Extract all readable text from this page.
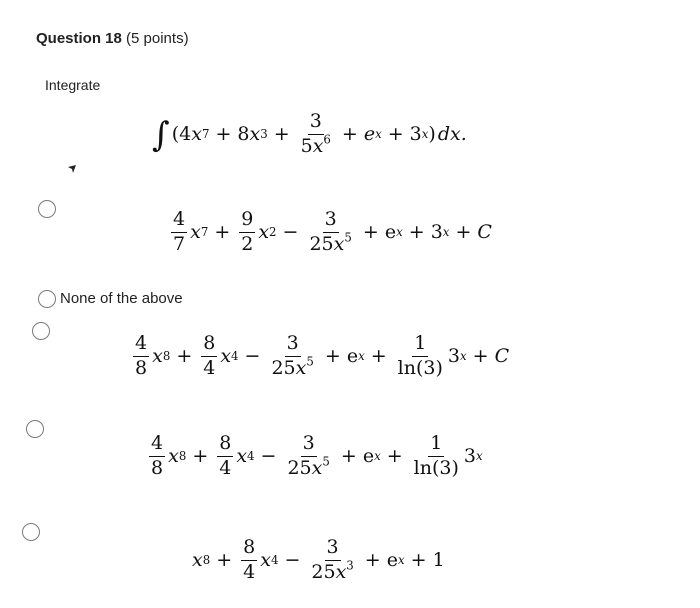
Question 18 (5 points)
Integrate
∫ (4 x 7 + 8 x $3 + \frac{3}{5x^6} + e$ x + 3 x ) dx.
$\frac{4}{7}$ x $7 + \frac{9}{2}$ x $2 - \frac{3}{25x^5} + e$ x + 3 x + C
None of the above
$\frac{4}{8}$ x $8 + \frac{8}{4}$ x $4 - \frac{3}{25x^5} + e$ $x + \frac{1}{\ln(3)} 3$ x + C
$\frac{4}{8}$ x $8 + \frac{8}{4}$ x $4 - \frac{3}{25x^5} + e$ $x + \frac{1}{\ln(3)} 3$ x
x $8 + \frac{8}{4}$ x $4 - \frac{3}{25x^3} + e$ x + 1
